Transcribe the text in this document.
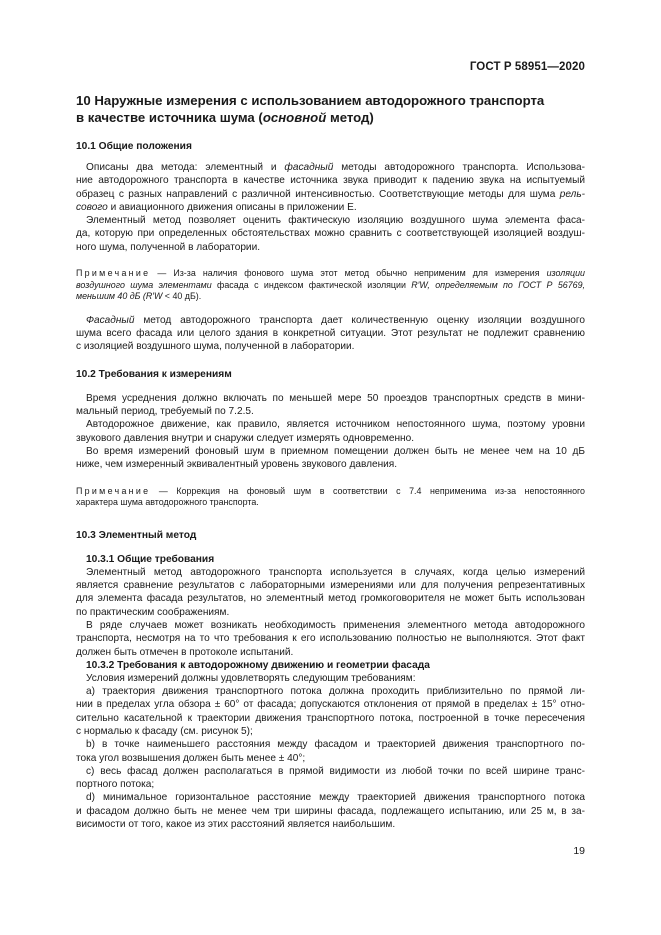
ГОСТ Р 58951—2020
10 Наружные измерения с использованием автодорожного транспорта
в качестве источника шума (основной метод)
10.1 Общие положения
Описаны два метода: элементный и фасадный методы автодорожного транспорта. Использова-
ние автодорожного транспорта в качестве источника звука приводит к падению звука на испытуемый
образец с разных направлений с различной интенсивностью. Соответствующие методы для шума рель-
сового и авиационного движения описаны в приложении Е.
Элементный метод позволяет оценить фактическую изоляцию воздушного шума элемента фаса-
да, которую при определенных обстоятельствах можно сравнить с соответствующей изоляцией воздуш-
ного шума, полученной в лаборатории.
Примечание — Из-за наличия фонового шума этот метод обычно неприменим для измерения изоляции
воздушного шума элементами фасада с индексом фактической изоляции R′W, определяемым по ГОСТ Р 56769,
меньшим 40 дБ (R′W < 40 дБ).
Фасадный метод автодорожного транспорта дает количественную оценку изоляции воздушного
шума всего фасада или целого здания в конкретной ситуации. Этот результат не подлежит сравнению
с изоляцией воздушного шума, полученной в лаборатории.
10.2 Требования к измерениям
Время усреднения должно включать по меньшей мере 50 проездов транспортных средств в мини-
мальный период, требуемый по 7.2.5.
Автодорожное движение, как правило, является источником непостоянного шума, поэтому уровни
звукового давления внутри и снаружи следует измерять одновременно.
Во время измерений фоновый шум в приемном помещении должен быть не менее чем на 10 дБ
ниже, чем измеренный эквивалентный уровень звукового давления.
Примечание — Коррекция на фоновый шум в соответствии с 7.4 неприменима из-за непостоянного
характера шума автодорожного транспорта.
10.3 Элементный метод
10.3.1 Общие требования
Элементный метод автодорожного транспорта используется в случаях, когда целью измерений
является сравнение результатов с лабораторными измерениями или для получения репрезентативных
для элемента фасада результатов, но элементный метод громкоговорителя не может быть использован
по практическим соображениям.
В ряде случаев может возникать необходимость применения элементного метода автодорожного
транспорта, несмотря на то что требования к его использованию полностью не выполняются. Этот факт
должен быть отмечен в протоколе испытаний.
10.3.2 Требования к автодорожному движению и геометрии фасада
Условия измерений должны удовлетворять следующим требованиям:
a) траектория движения транспортного потока должна проходить приблизительно по прямой ли-
нии в пределах угла обзора ± 60° от фасада; допускаются отклонения от прямой в пределах ± 15° отно-
сительно касательной к траектории движения транспортного потока, построенной в точке пересечения
с нормалью к фасаду (см. рисунок 5);
b) в точке наименьшего расстояния между фасадом и траекторией движения транспортного по-
тока угол возвышения должен быть менее ± 40°;
c) весь фасад должен располагаться в прямой видимости из любой точки по всей ширине транс-
портного потока;
d) минимальное горизонтальное расстояние между траекторией движения транспортного потока
и фасадом должно быть не менее чем три ширины фасада, подлежащего испытанию, или 25 м, в за-
висимости от того, какое из этих расстояний является наибольшим.
19
